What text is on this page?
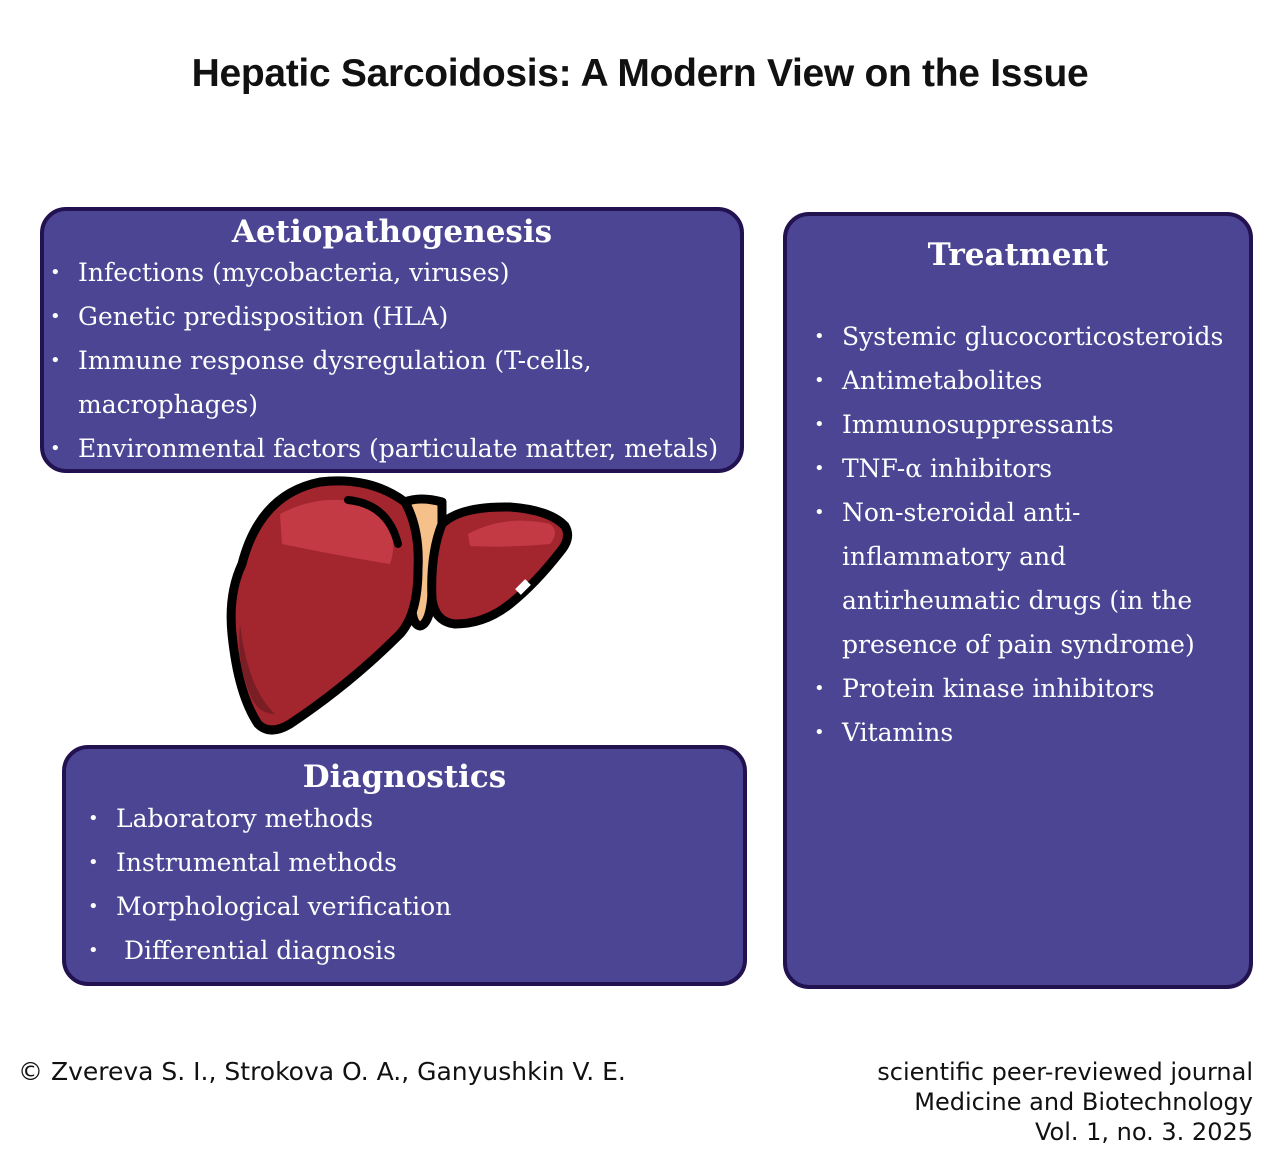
Hepatic Sarcoidosis: A Modern View on the Issue
Aetiopathogenesis
• Infections (mycobacteria, viruses)
• Genetic predisposition (HLA)
• Immune response dysregulation (T-cells, macrophages)
• Environmental factors (particulate matter, metals)
Treatment
• Systemic glucocorticosteroids
• Antimetabolites
• Immunosuppressants
• TNF-α inhibitors
• Non-steroidal anti-inflammatory and antirheumatic drugs (in the presence of pain syndrome)
• Protein kinase inhibitors
• Vitamins
Diagnostics
• Laboratory methods
• Instrumental methods
• Morphological verification
•  Differential diagnosis
© Zvereva S. I., Strokova O. A., Ganyushkin V. E.	scientific peer-reviewed journal
Medicine and Biotechnology
Vol. 1, no. 3. 2025
